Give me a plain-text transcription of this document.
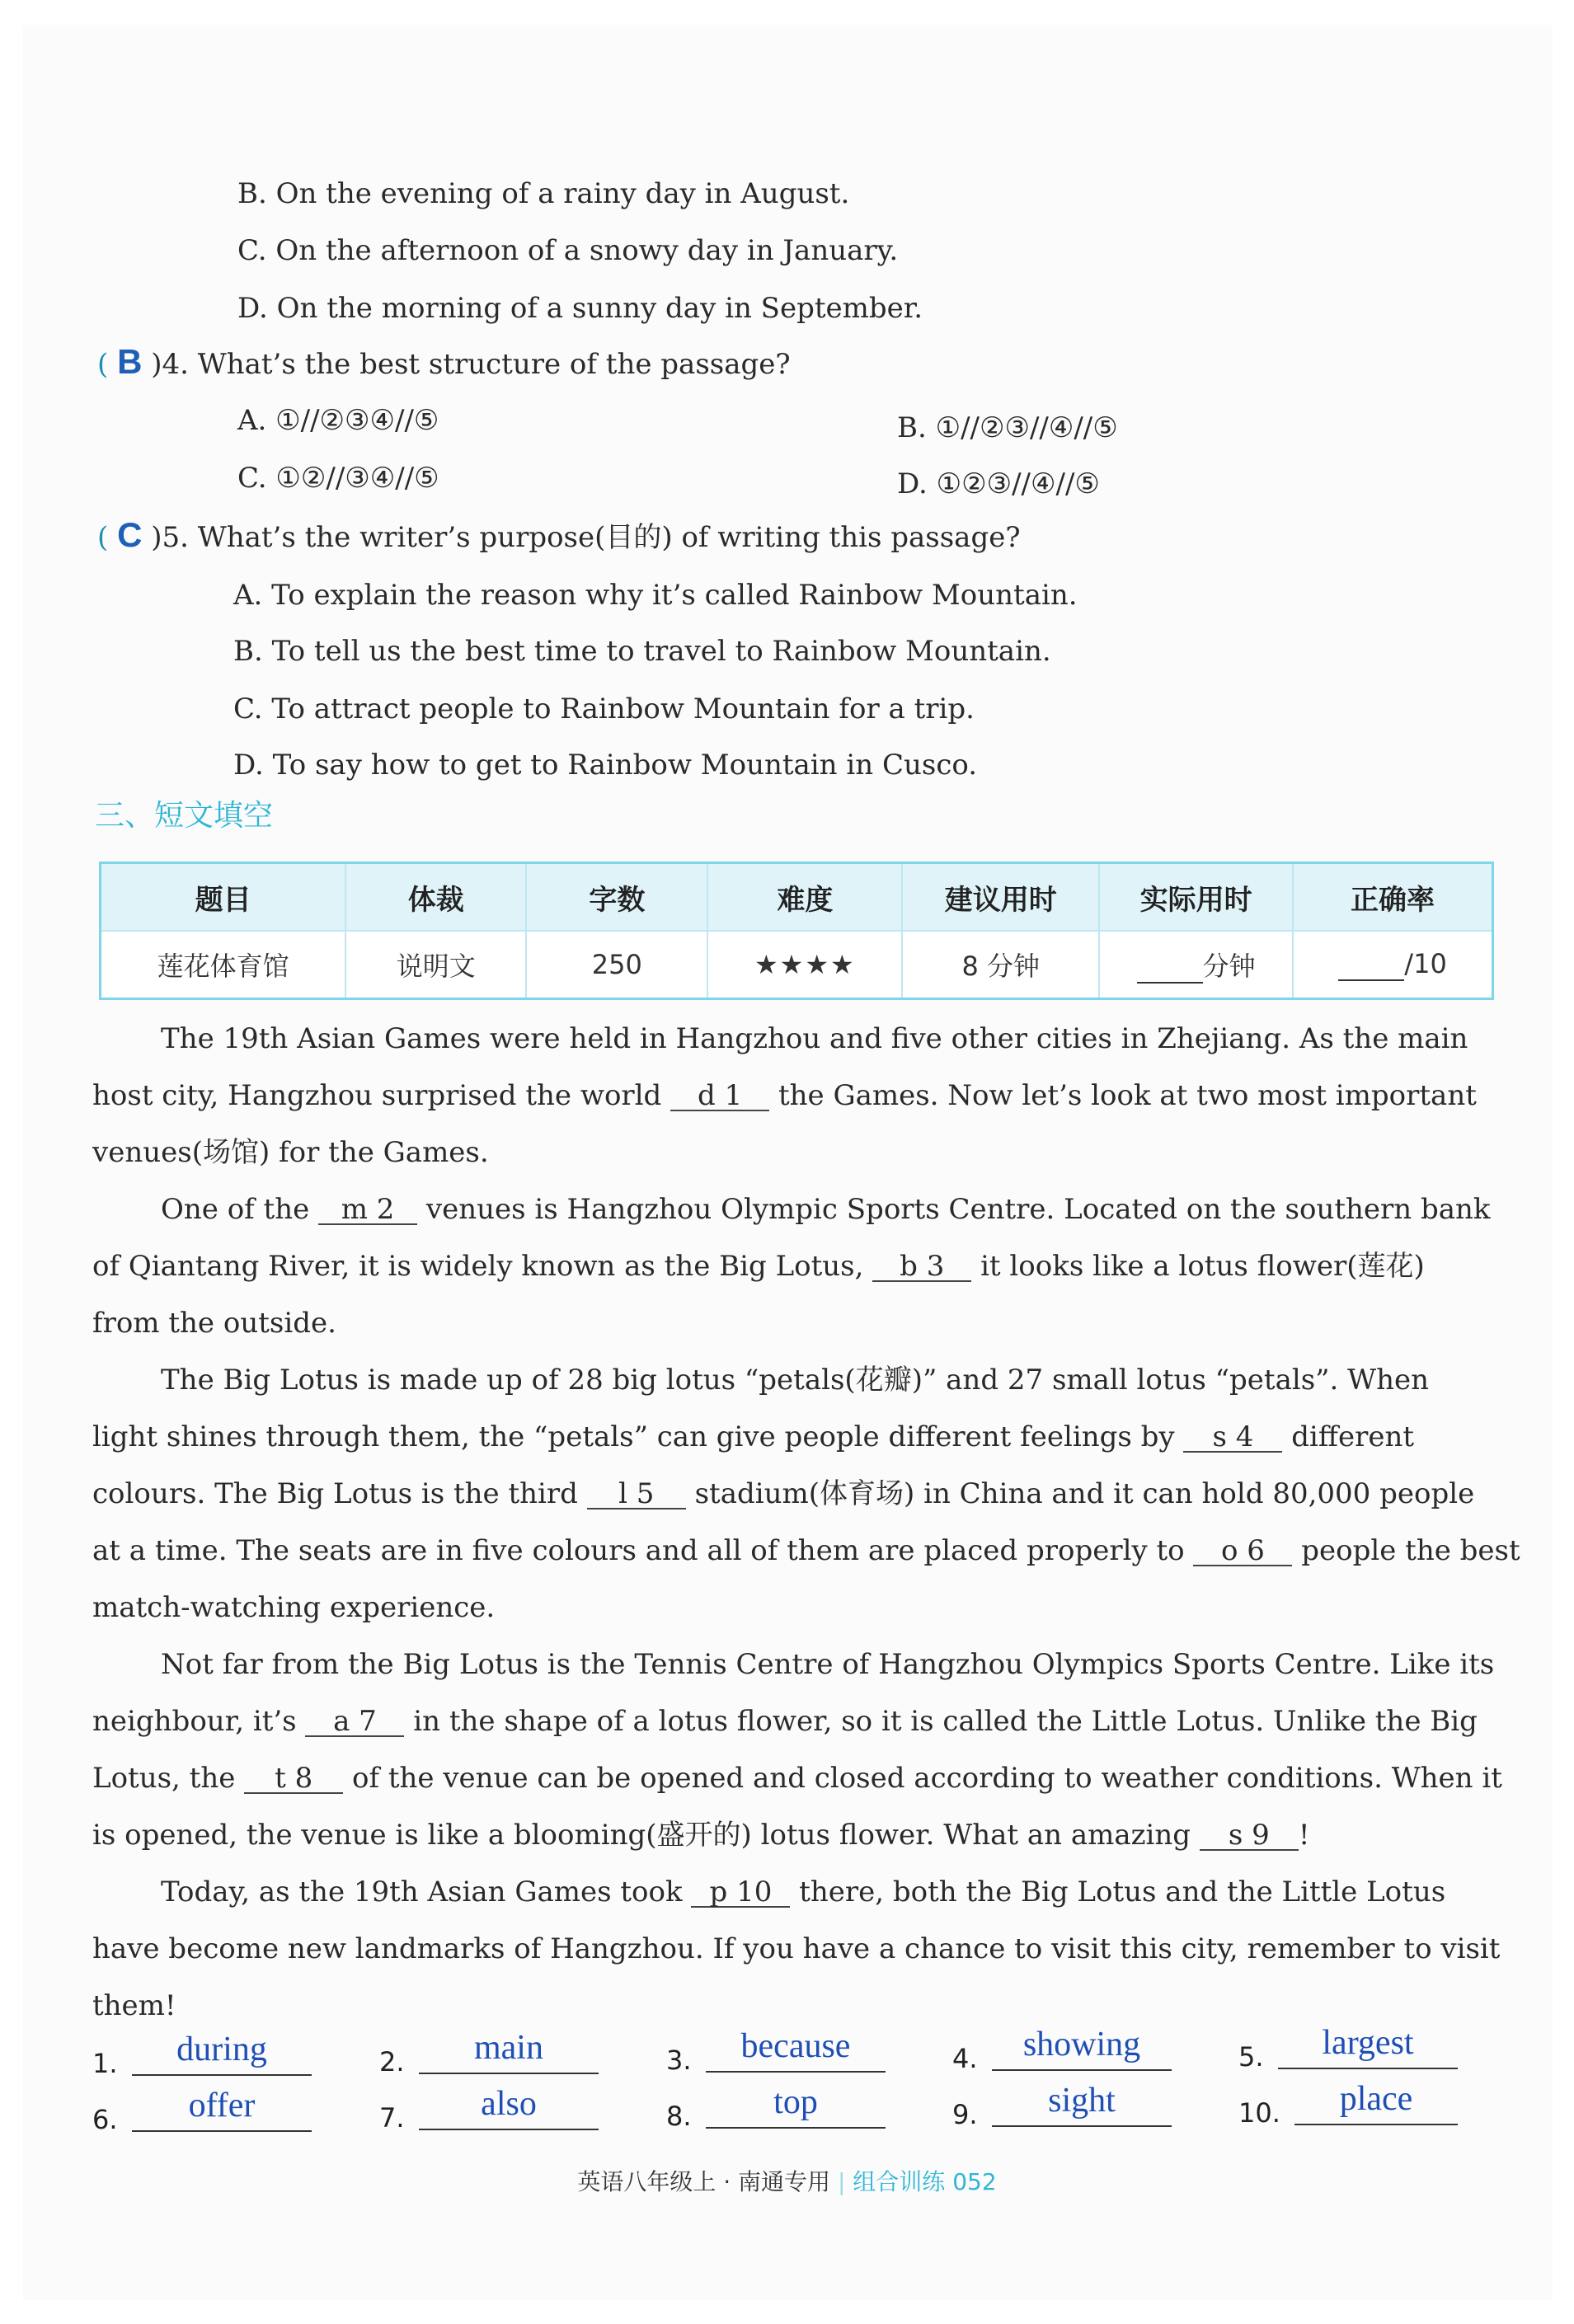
B. On the evening of a rainy day in August.
C. On the afternoon of a snowy day in January.
D. On the morning of a sunny day in September.
( B )4. What’s the best structure of the passage?
A. ①//②③④//⑤	B. ①//②③//④//⑤
C. ①②//③④//⑤	D. ①②③//④//⑤
( C )5. What’s the writer’s purpose(目的) of writing this passage?
A. To explain the reason why it’s called Rainbow Mountain.
B. To tell us the best time to travel to Rainbow Mountain.
C. To attract people to Rainbow Mountain for a trip.
D. To say how to get to Rainbow Mountain in Cusco.
三、短文填空
题目	体裁	字数	难度	建议用时	实际用时	正确率
莲花体育馆	说明文	250	★★★★	8 分钟	分钟	/10
The 19th Asian Games were held in Hangzhou and five other cities in Zhejiang. As the main
host city, Hangzhou surprised the world d 1 the Games. Now let’s look at two most important
venues(场馆) for the Games.
One of the m 2 venues is Hangzhou Olympic Sports Centre. Located on the southern bank
of Qiantang River, it is widely known as the Big Lotus, b 3 it looks like a lotus flower(莲花)
from the outside.
The Big Lotus is made up of 28 big lotus “petals(花瓣)” and 27 small lotus “petals”. When
light shines through them, the “petals” can give people different feelings by s 4 different
colours. The Big Lotus is the third l 5 stadium(体育场) in China and it can hold 80,000 people
at a time. The seats are in five colours and all of them are placed properly to o 6 people the best
match-watching experience.
Not far from the Big Lotus is the Tennis Centre of Hangzhou Olympics Sports Centre. Like its
neighbour, it’s a 7 in the shape of a lotus flower, so it is called the Little Lotus. Unlike the Big
Lotus, the t 8 of the venue can be opened and closed according to weather conditions. When it
is opened, the venue is like a blooming(盛开的) lotus flower. What an amazing s 9 !
Today, as the 19th Asian Games took p 10 there, both the Big Lotus and the Little Lotus
have become new landmarks of Hangzhou. If you have a chance to visit this city, remember to visit
them!
1.	during	2.	main	3.	because	4.	showing	5.	largest
6.	offer	7.	also	8.	top	9.	sight	10.	place
英语八年级上 · 南通专用 | 组合训练 052
